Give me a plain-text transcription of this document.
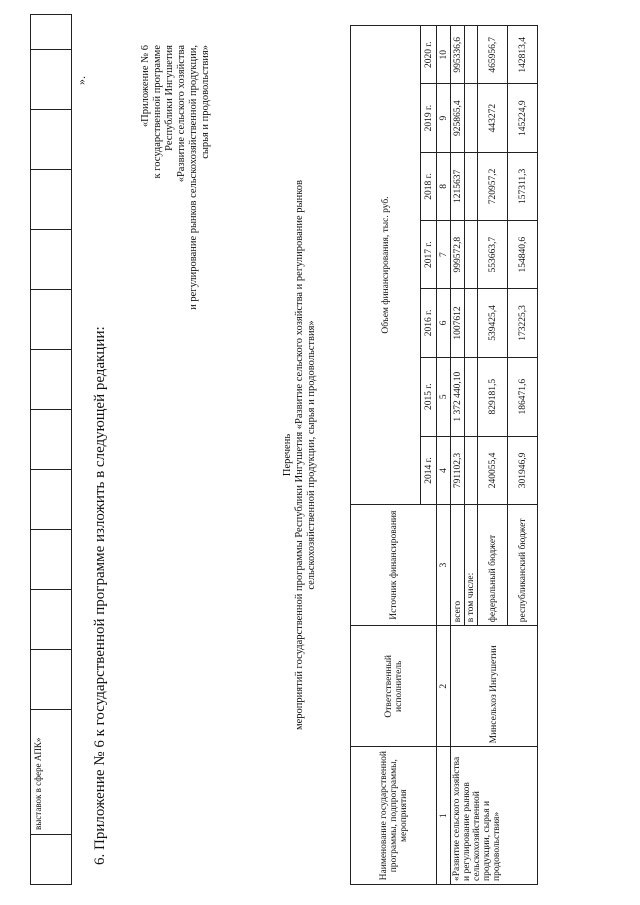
	выставок в сфере АПК»												
».
6. Приложение № 6 к государственной программе изложить в следующей редакции:
«Приложение № 6 к государственной программе Республики Ингушетия «Развитие сельского хозяйства и регулирование рынков сельскохозяйственной продукции, сырья и продовольствия»
Перечень мероприятий государственной программы Республики Ингушетия «Развитие сельского хозяйства и регулирование рынков сельскохозяйственной продукции, сырья и продовольствия»
Наименование государственной программы, подпрограммы, мероприятия	Ответственный исполнитель	Источник финансирования	Объем финансирования, тыс. руб.						
			2014 г.	2015 г.	2016 г.	2017 г.	2018 г.	2019 г.	2020 г.
1	2	3	4	5	6	7	8	9	10
«Развитие сельского хозяйства и регулирование рынков сельскохозяйственной продукции, сырья и продовольствия»	Минсельхоз Ингушетии	всего	791102,3	1 372 440,10	1007612	999572,8	1215637	925865,4	995336,6
		в том числе:							
		федеральный бюджет	240055,4	829181,5	539425,4	553663,7	720957,2	443272	465956,7
		республиканский бюджет	301946,9	186471,6	173225,3	154840,6	157311,3	145224,9	142813,4
